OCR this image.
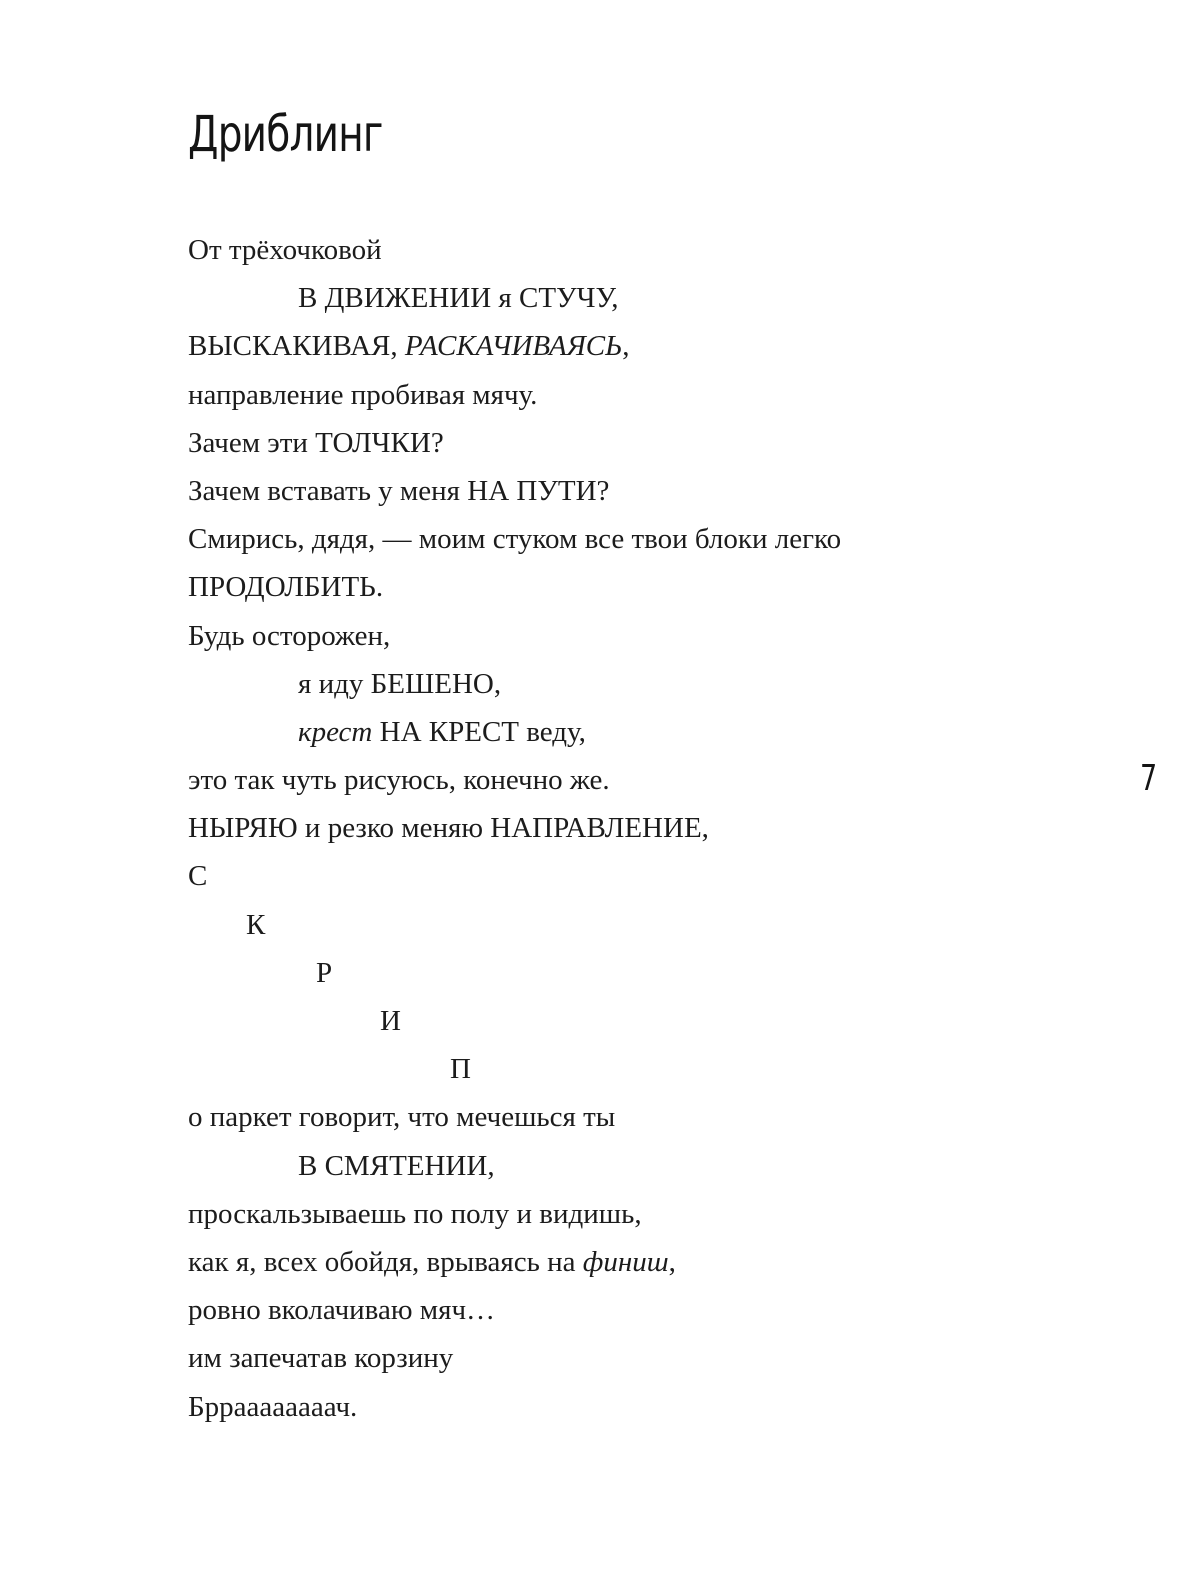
Дриблинг
От трёхочковой
В ДВИЖЕНИИ я СТУЧУ,
ВЫСКАКИВАЯ, РАСКАЧИВАЯСЬ,
направление пробивая мячу.
Зачем эти ТОЛЧКИ?
Зачем вставать у меня НА ПУТИ?
Смирись, дядя, — моим стуком все твои блоки легко
ПРОДОЛБИТЬ.
Будь осторожен,
я иду БЕШЕНО,
крест НА КРЕСТ веду,
это так чуть рисуюсь, конечно же.
НЫРЯЮ и резко меняю НАПРАВЛЕНИЕ,
С
К
Р
И
П
о паркет говорит, что мечешься ты
В СМЯТЕНИИ,
проскальзываешь по полу и видишь,
как я, всех обойдя, врываясь на финиш,
ровно вколачиваю мяч…
им запечатав корзину
Брраааааааач.
7
